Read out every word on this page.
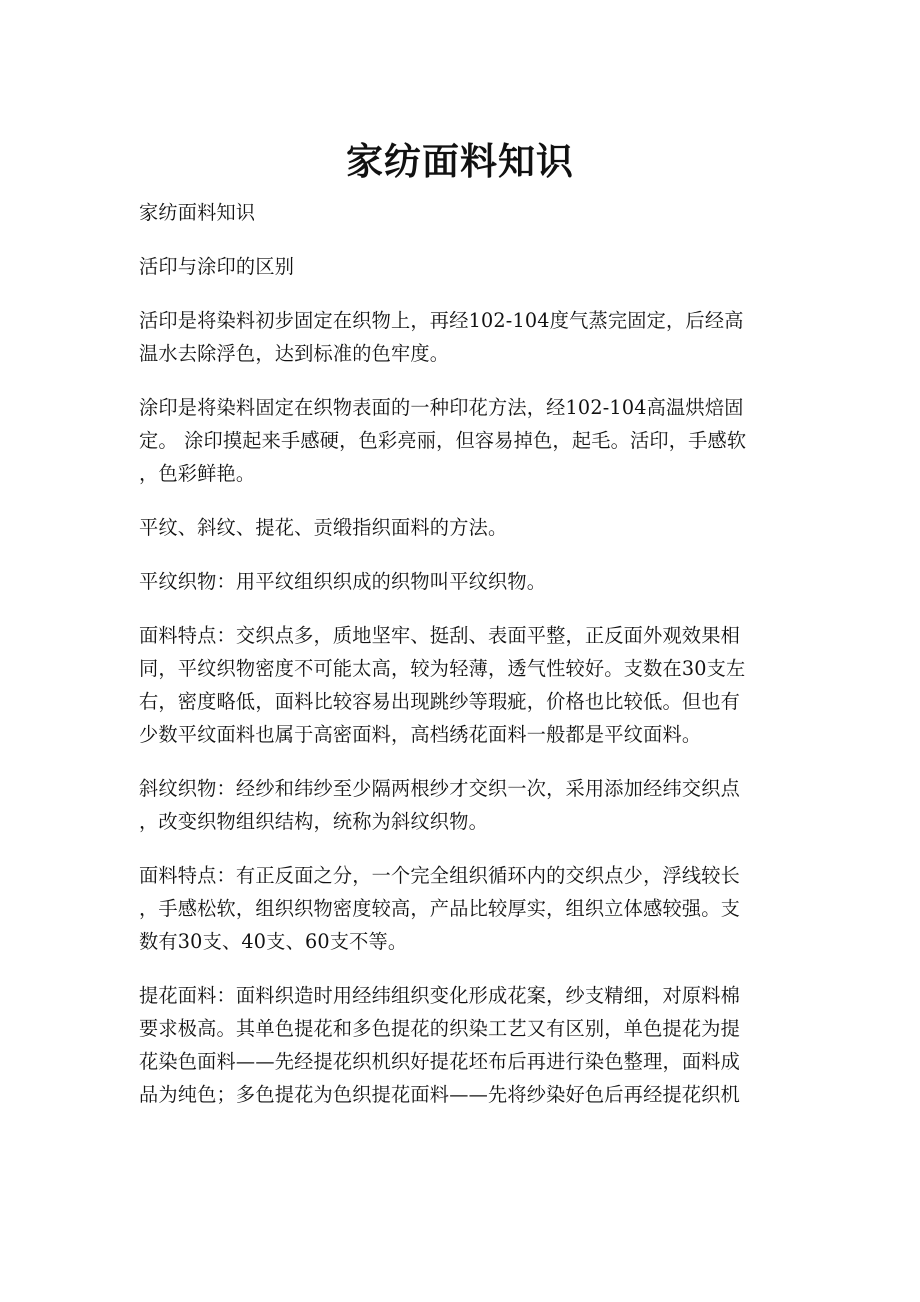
家纺面料知识

家纺面料知识

活印与涂印的区别

活印是将染料初步固定在织物上，再经102-104度气蒸完固定，后经高
温水去除浮色，达到标准的色牢度。

涂印是将染料固定在织物表面的一种印花方法，经102-104高温烘焙固
定。 涂印摸起来手感硬，色彩亮丽，但容易掉色，起毛。活印，手感软
，色彩鲜艳。

平纹、斜纹、提花、贡缎指织面料的方法。

平纹织物：用平纹组织织成的织物叫平纹织物。

面料特点：交织点多，质地坚牢、挺刮、表面平整，正反面外观效果相
同，平纹织物密度不可能太高，较为轻薄，透气性较好。支数在30支左
右，密度略低，面料比较容易出现跳纱等瑕疵，价格也比较低。但也有
少数平纹面料也属于高密面料，高档绣花面料一般都是平纹面料。

斜纹织物：经纱和纬纱至少隔两根纱才交织一次，采用添加经纬交织点
，改变织物组织结构，统称为斜纹织物。

面料特点：有正反面之分，一个完全组织循环内的交织点少，浮线较长
，手感松软，组织织物密度较高，产品比较厚实，组织立体感较强。支
数有30支、40支、60支不等。

提花面料：面料织造时用经纬组织变化形成花案，纱支精细，对原料棉
要求极高。其单色提花和多色提花的织染工艺又有区别，单色提花为提
花染色面料——先经提花织机织好提花坯布后再进行染色整理，面料成
品为纯色；多色提花为色织提花面料——先将纱染好色后再经提花织机
